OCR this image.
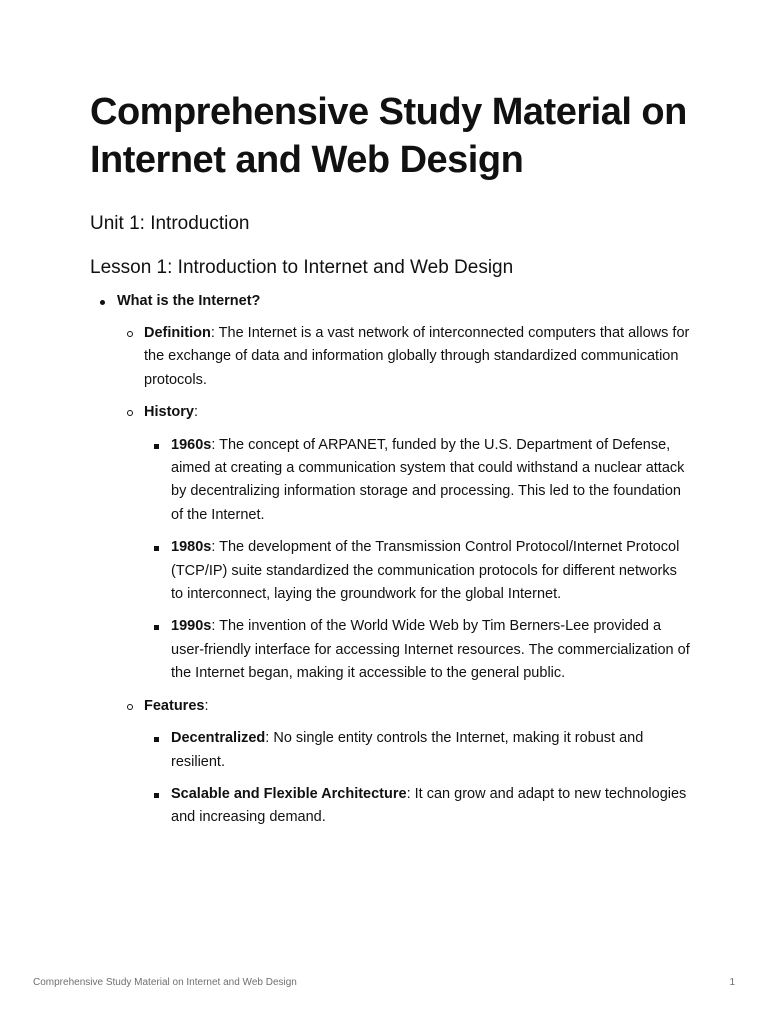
Comprehensive Study Material on Internet and Web Design
Unit 1: Introduction
Lesson 1: Introduction to Internet and Web Design
What is the Internet?
Definition: The Internet is a vast network of interconnected computers that allows for the exchange of data and information globally through standardized communication protocols.
History:
1960s: The concept of ARPANET, funded by the U.S. Department of Defense, aimed at creating a communication system that could withstand a nuclear attack by decentralizing information storage and processing. This led to the foundation of the Internet.
1980s: The development of the Transmission Control Protocol/Internet Protocol (TCP/IP) suite standardized the communication protocols for different networks to interconnect, laying the groundwork for the global Internet.
1990s: The invention of the World Wide Web by Tim Berners-Lee provided a user-friendly interface for accessing Internet resources. The commercialization of the Internet began, making it accessible to the general public.
Features:
Decentralized: No single entity controls the Internet, making it robust and resilient.
Scalable and Flexible Architecture: It can grow and adapt to new technologies and increasing demand.
Comprehensive Study Material on Internet and Web Design	1
